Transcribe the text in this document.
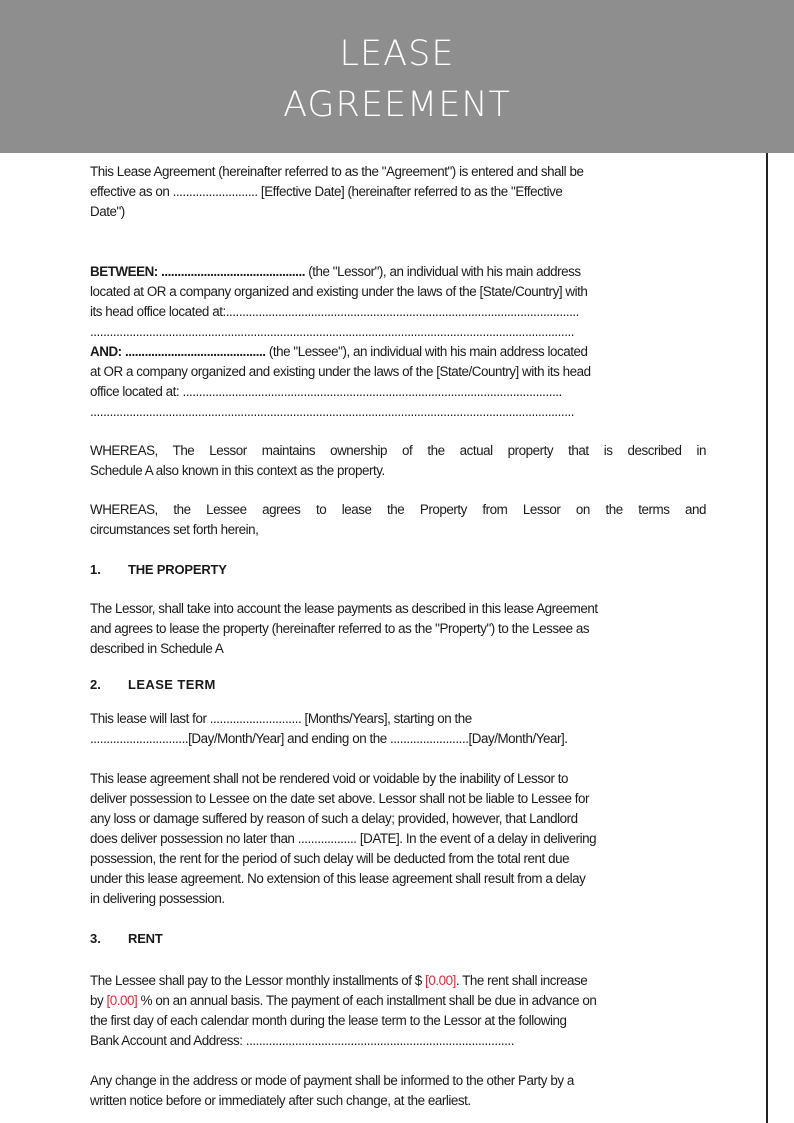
LEASE
AGREEMENT
This Lease Agreement (hereinafter referred to as the "Agreement") is entered and shall be
effective as on .......................... [Effective Date] (hereinafter referred to as the "Effective
Date")
BETWEEN: ............................................ (the "Lessor"), an individual with his main address
located at OR a company organized and existing under the laws of the [State/Country] with
its head office located at:............................................................................................................
....................................................................................................................................................
AND: ........................................... (the "Lessee"), an individual with his main address located
at OR a company organized and existing under the laws of the [State/Country] with its head
office located at: ....................................................................................................................
....................................................................................................................................................
WHEREAS, The Lessor maintains ownership of the actual property that is described in
Schedule A also known in this context as the property.
WHEREAS, the Lessee agrees to lease the Property from Lessor on the terms and
circumstances set forth herein,
1. THE PROPERTY
The Lessor, shall take into account the lease payments as described in this lease Agreement
and agrees to lease the property (hereinafter referred to as the "Property") to the Lessee as
described in Schedule A
2. LEASE TERM
This lease will last for ............................ [Months/Years], starting on the
..............................[Day/Month/Year] and ending on the ........................[Day/Month/Year].
This lease agreement shall not be rendered void or voidable by the inability of Lessor to
deliver possession to Lessee on the date set above. Lessor shall not be liable to Lessee for
any loss or damage suffered by reason of such a delay; provided, however, that Landlord
does deliver possession no later than .................. [DATE]. In the event of a delay in delivering
possession, the rent for the period of such delay will be deducted from the total rent due
under this lease agreement. No extension of this lease agreement shall result from a delay
in delivering possession.
3. RENT
The Lessee shall pay to the Lessor monthly installments of $ [0.00]. The rent shall increase
by [0.00] % on an annual basis. The payment of each installment shall be due in advance on
the first day of each calendar month during the lease term to the Lessor at the following
Bank Account and Address: ..................................................................................
Any change in the address or mode of payment shall be informed to the other Party by a
written notice before or immediately after such change, at the earliest.
